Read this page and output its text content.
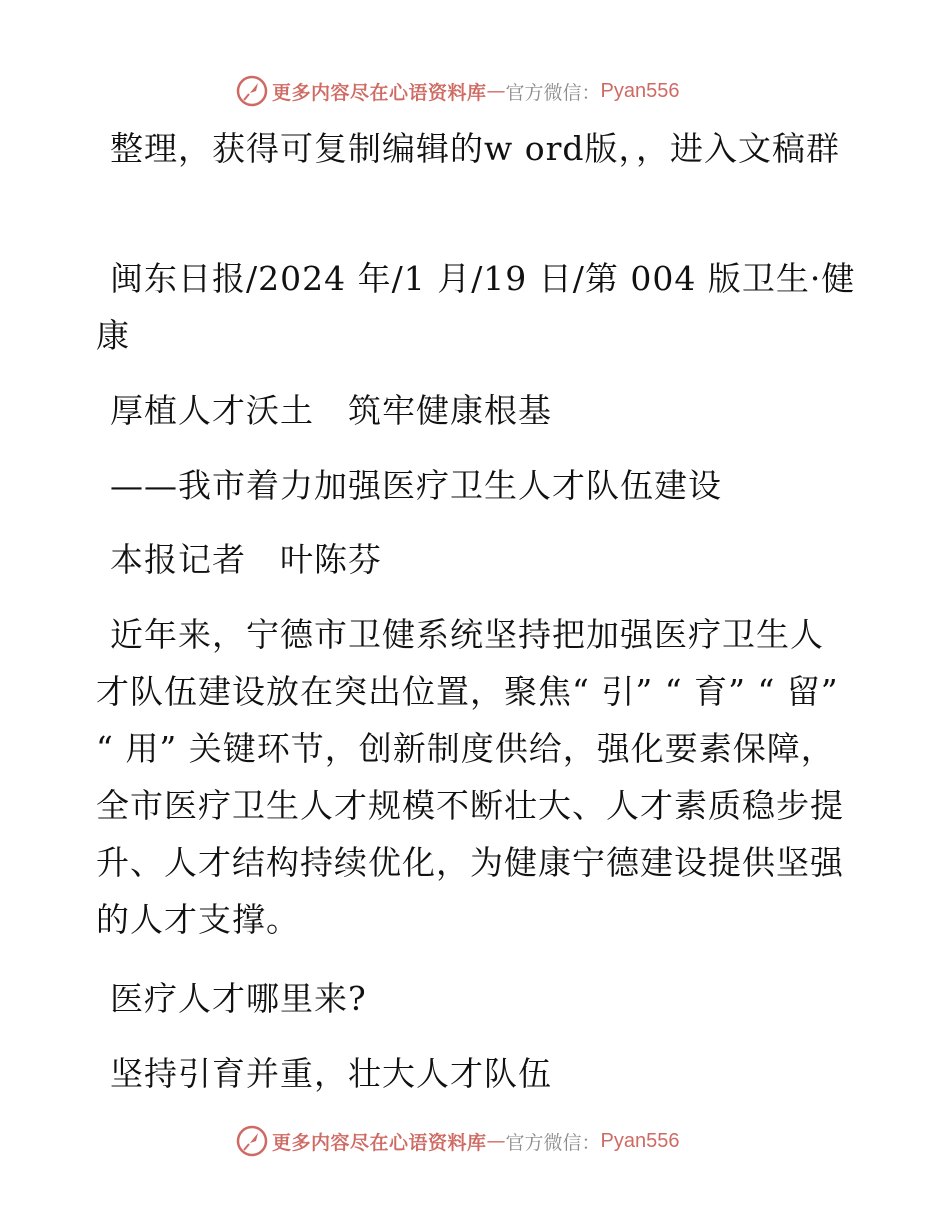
更多内容尽在心语资料库 — 官方微信： Pyan556

整理，获得可复制编辑的w ord版，，进入文稿群

闽东日报/2024 年/1 月/19 日/第 004 版卫生·健康

厚植人才沃土　筑牢健康根基

——我市着力加强医疗卫生人才队伍建设

本报记者　叶陈芬

近年来，宁德市卫健系统坚持把加强医疗卫生人才队伍建设放在突出位置，聚焦“ 引” “ 育” “ 留” “ 用” 关键环节，创新制度供给，强化要素保障，全市医疗卫生人才规模不断壮大、人才素质稳步提升、人才结构持续优化，为健康宁德建设提供坚强的人才支撑。

医疗人才哪里来?

坚持引育并重，壮大人才队伍

更多内容尽在心语资料库 — 官方微信： Pyan556
